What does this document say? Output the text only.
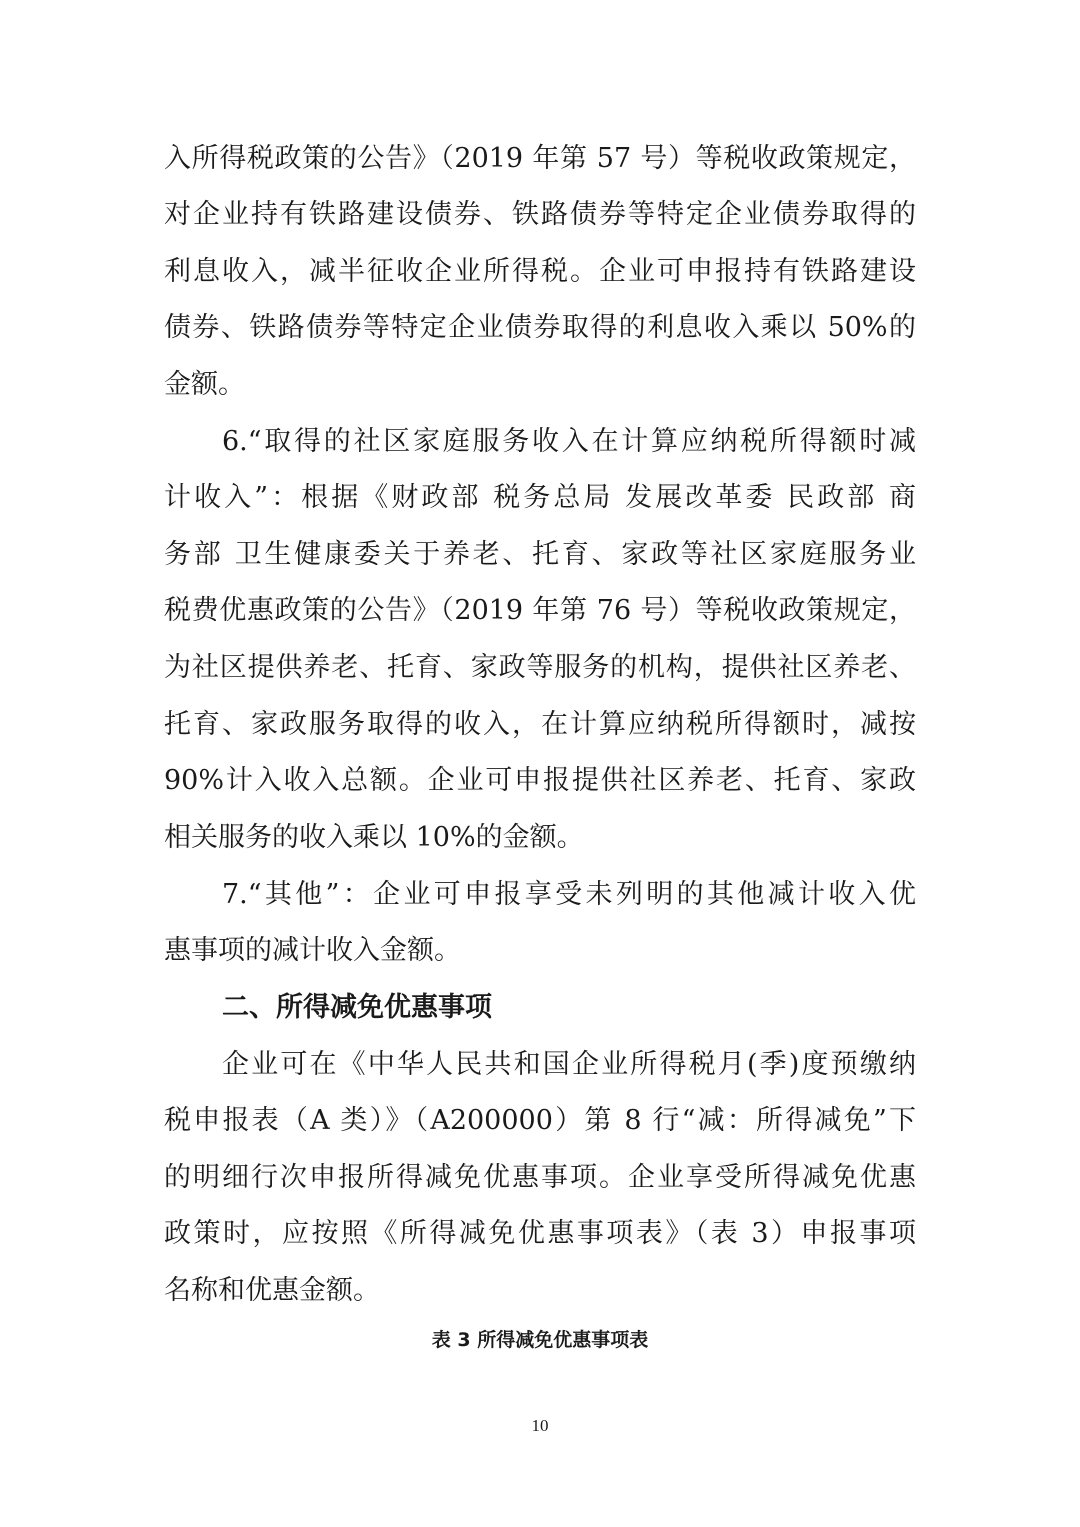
入所得税政策的公告》（2019 年第 57 号）等税收政策规定，
对企业持有铁路建设债券、铁路债券等特定企业债券取得的
利息收入，减半征收企业所得税。企业可申报持有铁路建设
债券、铁路债券等特定企业债券取得的利息收入乘以 50%的
金额。
6.“取得的社区家庭服务收入在计算应纳税所得额时减
计收入”：根据《财政部 税务总局 发展改革委 民政部 商
务部 卫生健康委关于养老、托育、家政等社区家庭服务业
税费优惠政策的公告》（2019 年第 76 号）等税收政策规定，
为社区提供养老、托育、家政等服务的机构，提供社区养老、
托育、家政服务取得的收入，在计算应纳税所得额时，减按
90%计入收入总额。企业可申报提供社区养老、托育、家政
相关服务的收入乘以 10%的金额。
7.“其他”：企业可申报享受未列明的其他减计收入优
惠事项的减计收入金额。
二、所得减免优惠事项
企业可在《中华人民共和国企业所得税月(季)度预缴纳
税申报表（A 类）》（A200000）第 8 行“减：所得减免”下
的明细行次申报所得减免优惠事项。企业享受所得减免优惠
政策时，应按照《所得减免优惠事项表》（表 3）申报事项
名称和优惠金额。
表 3 所得减免优惠事项表
10
